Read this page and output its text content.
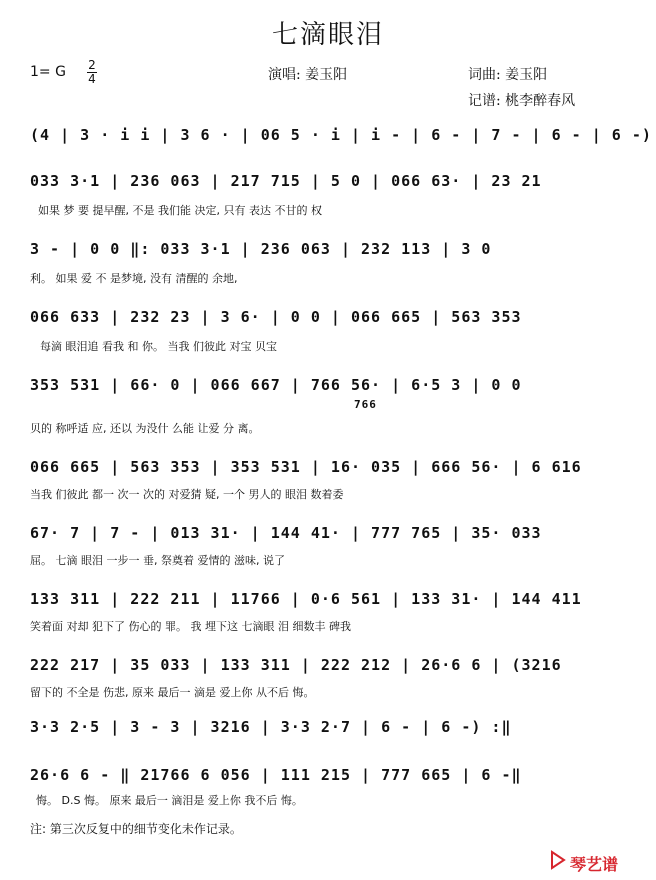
七滴眼泪
1= G 2
4	演唱: 姜玉阳	词曲: 姜玉阳
记谱: 桃李醉春风
(4 | 3 · i i | 3 6 · | 06 5 · i | i - | 6 - | 7 - | 6 - | 6 -)
033 3·1 | 236 063 | 217 715 | 5 0 | 066 63· | 23 21
如果 梦 要 提早醒, 不是 我们能 决定, 只有 表达 不甘的 权
3 - | 0 0 ‖: 033 3·1 | 236 063 | 232 113 | 3 0
利。 如果 爱 不 是梦境, 没有 清醒的 余地,
066 633 | 232 23 | 3 6· | 0 0 | 066 665 | 563 353
每滴 眼泪追 看我 和 你。 当我 们彼此 对宝 贝宝
353 531 | 66· 0 | 066 667 | 766 56· | 6·5 3 | 0 0
766
贝的 称呼适 应, 还以 为没什 么能 让爱 分 离。
066 665 | 563 353 | 353 531 | 16· 035 | 666 56· | 6 616
当我 们彼此 都一 次一 次的 对爱猜 疑, 一个 男人的 眼泪 数着委
67· 7 | 7 - | 013 31· | 144 41· | 777 765 | 35· 033
屈。 七滴 眼泪 一步一 垂, 祭奠着 爱情的 滋味, 说了
133 311 | 222 211 | 11766 | 0·6 561 | 133 31· | 144 411
笑着面 对却 犯下了 伤心的 罪。 我 埋下这 七滴眼 泪 细数丰 碑我
222 217 | 35 033 | 133 311 | 222 212 | 26·6 6 | (3216
留下的 不全是 伤悲, 原来 最后一 滴是 爱上你 从不后 悔。
3·3 2·5 | 3 - 3 | 3216 | 3·3 2·7 | 6 - | 6 -) :‖
26·6 6 - ‖ 21766 6 056 | 111 215 | 777 665 | 6 -‖
悔。 D.S 悔。 原来 最后一 滴泪是 爱上你 我不后 悔。
注: 第三次反复中的细节变化未作记录。
琴艺谱
